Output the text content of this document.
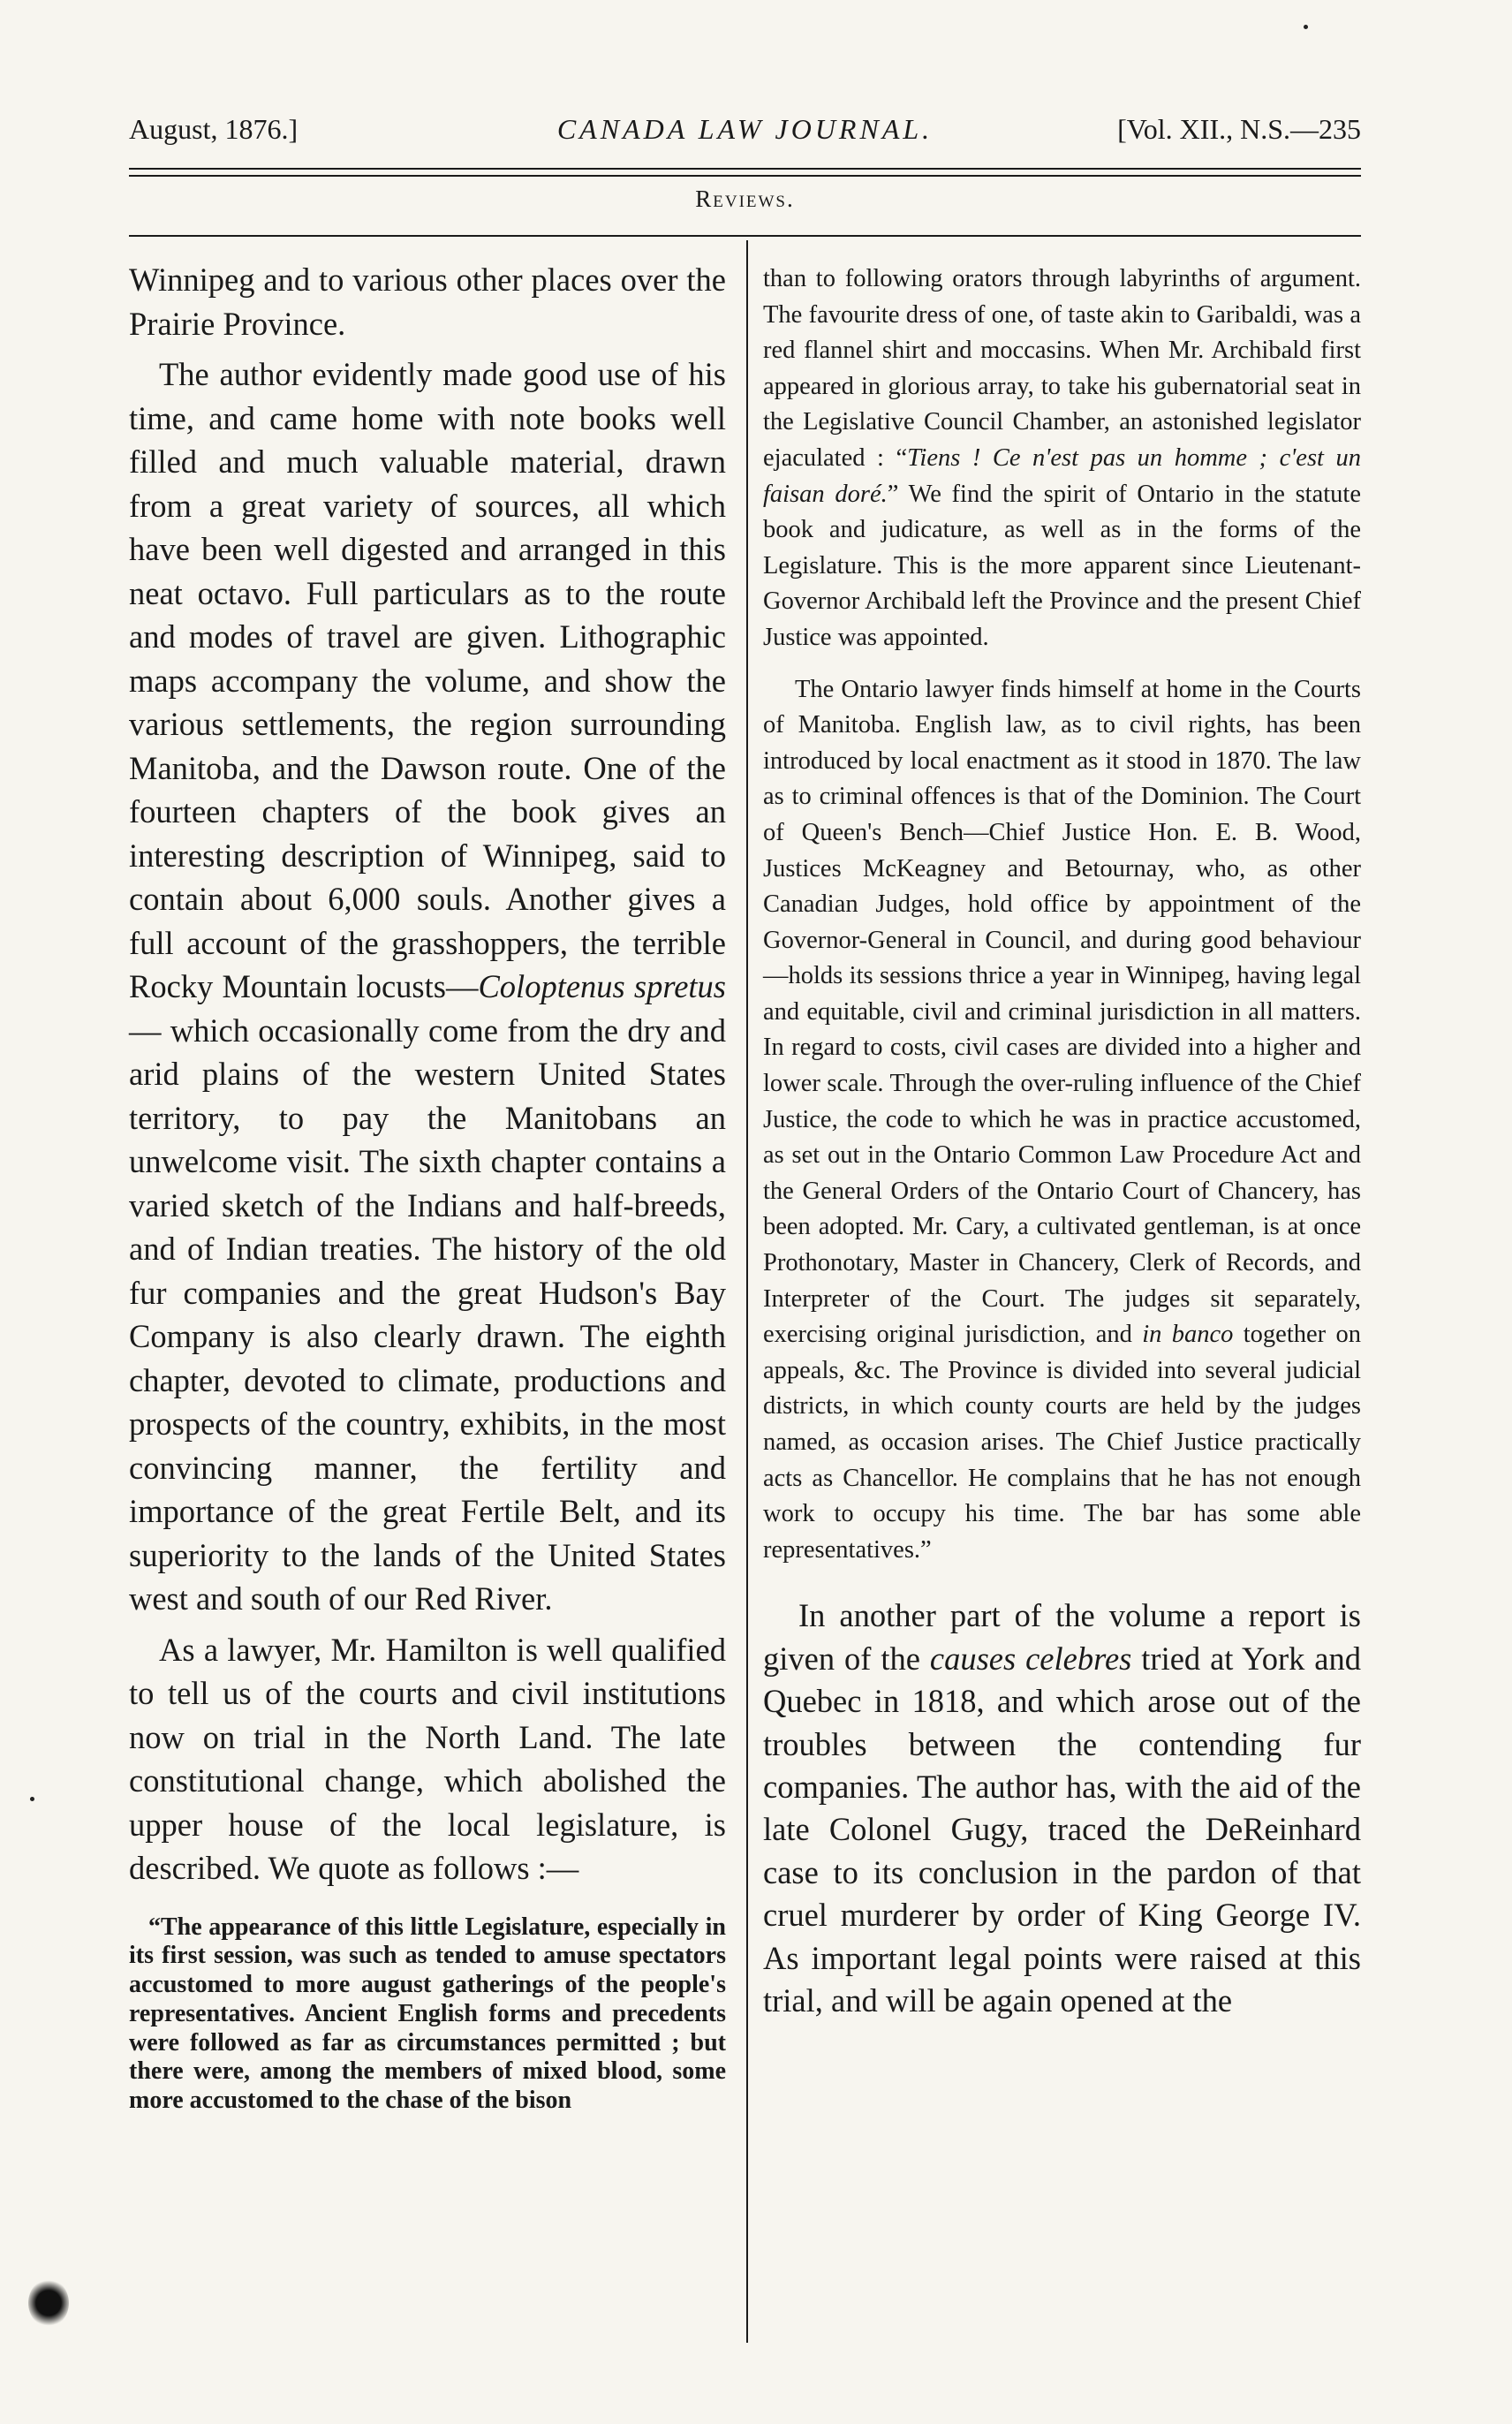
August, 1876.]	CANADA LAW JOURNAL.	[Vol. XII., N.S.—235
Reviews.

Winnipeg and to various other places over the Prairie Province.

The author evidently made good use of his time, and came home with note books well filled and much valuable material, drawn from a great variety of sources, all which have been well digested and arranged in this neat octavo. Full particulars as to the route and modes of travel are given. Lithographic maps accompany the volume, and show the various settlements, the region surrounding Manitoba, and the Dawson route. One of the fourteen chapters of the book gives an interesting description of Winnipeg, said to contain about 6,000 souls. Another gives a full account of the grasshoppers, the terrible Rocky Mountain locusts—Coloptenus spretus — which occasionally come from the dry and arid plains of the western United States territory, to pay the Manitobans an unwelcome visit. The sixth chapter contains a varied sketch of the Indians and half-breeds, and of Indian treaties. The history of the old fur companies and the great Hudson's Bay Company is also clearly drawn. The eighth chapter, devoted to climate, productions and prospects of the country, exhibits, in the most convincing manner, the fertility and importance of the great Fertile Belt, and its superiority to the lands of the United States west and south of our Red River.

As a lawyer, Mr. Hamilton is well qualified to tell us of the courts and civil institutions now on trial in the North Land. The late constitutional change, which abolished the upper house of the local legislature, is described. We quote as follows :—

“The appearance of this little Legislature, especially in its first session, was such as tended to amuse spectators accustomed to more august gatherings of the people's representatives. Ancient English forms and precedents were followed as far as circumstances permitted ; but there were, among the members of mixed blood, some more accustomed to the chase of the bison

than to following orators through labyrinths of argument. The favourite dress of one, of taste akin to Garibaldi, was a red flannel shirt and moccasins. When Mr. Archibald first appeared in glorious array, to take his gubernatorial seat in the Legislative Council Chamber, an astonished legislator ejaculated : “Tiens ! Ce n'est pas un homme ; c'est un faisan doré.” We find the spirit of Ontario in the statute book and judicature, as well as in the forms of the Legislature. This is the more apparent since Lieutenant-Governor Archibald left the Province and the present Chief Justice was appointed.

The Ontario lawyer finds himself at home in the Courts of Manitoba. English law, as to civil rights, has been introduced by local enactment as it stood in 1870. The law as to criminal offences is that of the Dominion. The Court of Queen's Bench—Chief Justice Hon. E. B. Wood, Justices McKeagney and Betournay, who, as other Canadian Judges, hold office by appointment of the Governor-General in Council, and during good behaviour—holds its sessions thrice a year in Winnipeg, having legal and equitable, civil and criminal jurisdiction in all matters. In regard to costs, civil cases are divided into a higher and lower scale. Through the over-ruling influence of the Chief Justice, the code to which he was in practice accustomed, as set out in the Ontario Common Law Procedure Act and the General Orders of the Ontario Court of Chancery, has been adopted. Mr. Cary, a cultivated gentleman, is at once Prothonotary, Master in Chancery, Clerk of Records, and Interpreter of the Court. The judges sit separately, exercising original jurisdiction, and in banco together on appeals, &c. The Province is divided into several judicial districts, in which county courts are held by the judges named, as occasion arises. The Chief Justice practically acts as Chancellor. He complains that he has not enough work to occupy his time. The bar has some able representatives.”

In another part of the volume a report is given of the causes celebres tried at York and Quebec in 1818, and which arose out of the troubles between the contending fur companies. The author has, with the aid of the late Colonel Gugy, traced the DeReinhard case to its conclusion in the pardon of that cruel murderer by order of King George IV. As important legal points were raised at this trial, and will be again opened at the
